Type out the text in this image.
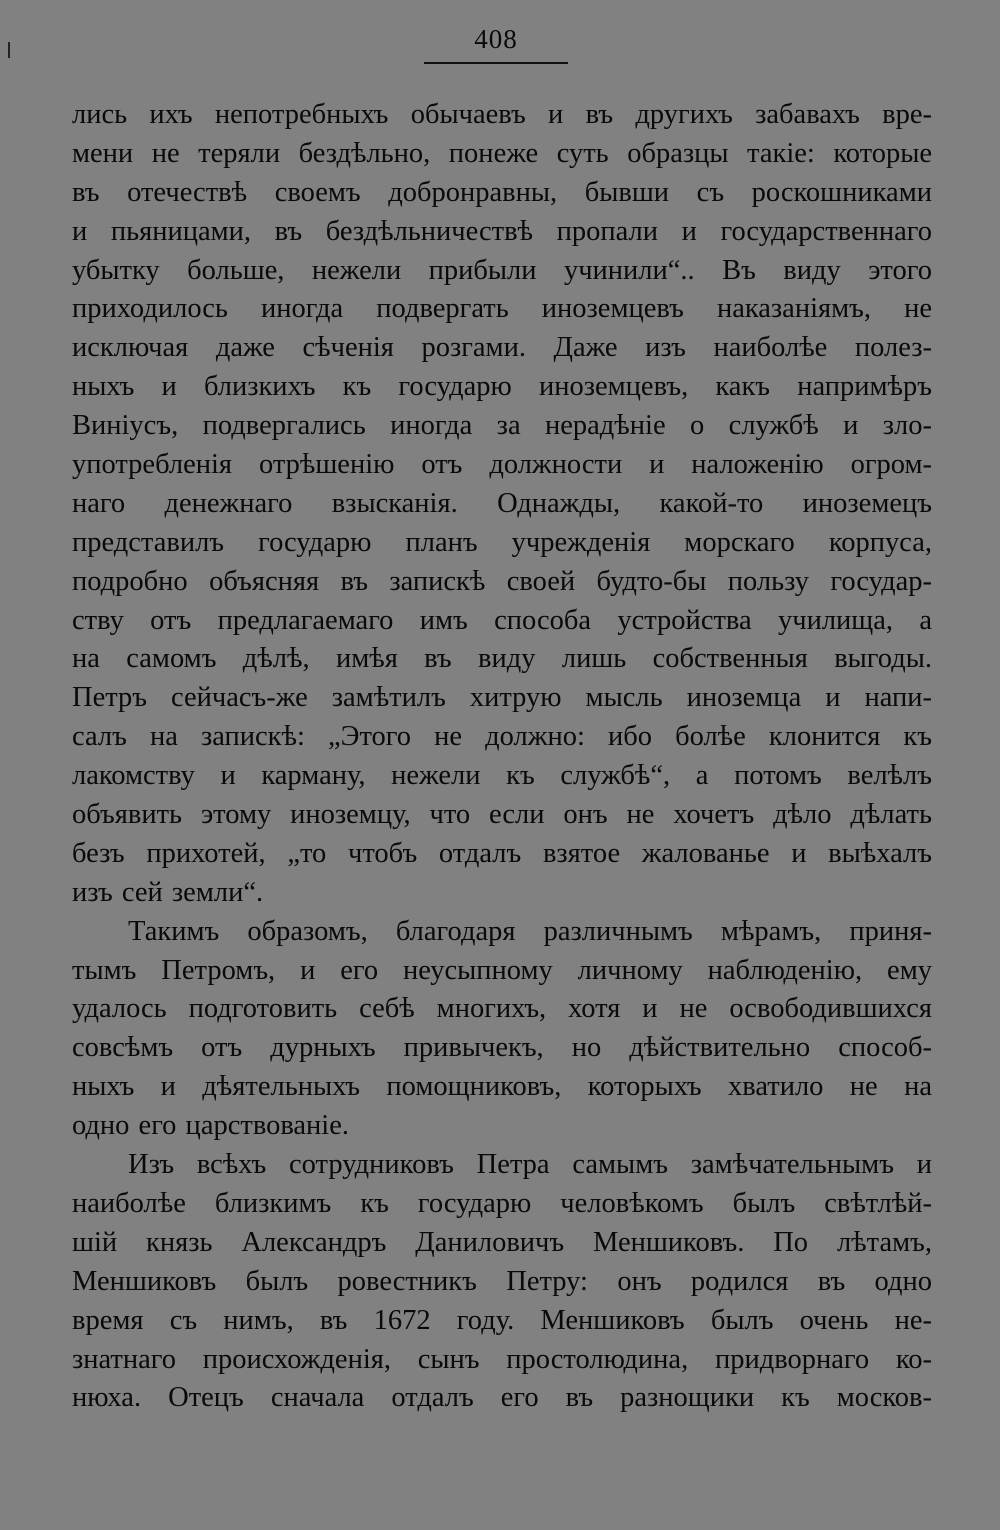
408
лись ихъ непотребныхъ обычаевъ и въ другихъ забавахъ вре-
мени не теряли бездѣльно, понеже суть образцы такіе: которые
въ отечествѣ своемъ добронравны, бывши съ роскошниками
и пьяницами, въ бездѣльничествѣ пропали и государственнаго
убытку больше, нежели прибыли учинили“.. Въ виду этого
приходилось иногда подвергать иноземцевъ наказаніямъ, не
исключая даже сѣченія розгами. Даже изъ наиболѣе полез-
ныхъ и близкихъ къ государю иноземцевъ, какъ напримѣръ
Виніусъ, подвергались иногда за нерадѣніе о службѣ и зло-
употребленія отрѣшенію отъ должности и наложенію огром-
наго денежнаго взысканія. Однажды, какой-то иноземецъ
представилъ государю планъ учрежденія морскаго корпуса,
подробно объясняя въ запискѣ своей будто-бы пользу государ-
ству отъ предлагаемаго имъ способа устройства училища, а
на самомъ дѣлѣ, имѣя въ виду лишь собственныя выгоды.
Петръ сейчасъ-же замѣтилъ хитрую мысль иноземца и напи-
салъ на запискѣ: „Этого не должно: ибо болѣе клонится къ
лакомству и карману, нежели къ службѣ“, а потомъ велѣлъ
объявить этому иноземцу, что если онъ не хочетъ дѣло дѣлать
безъ прихотей, „то чтобъ отдалъ взятое жалованье и выѣхалъ
изъ сей земли“.
Такимъ образомъ, благодаря различнымъ мѣрамъ, приня-
тымъ Петромъ, и его неусыпному личному наблюденію, ему
удалось подготовить себѣ многихъ, хотя и не освободившихся
совсѣмъ отъ дурныхъ привычекъ, но дѣйствительно способ-
ныхъ и дѣятельныхъ помощниковъ, которыхъ хватило не на
одно его царствованіе.
Изъ всѣхъ сотрудниковъ Петра самымъ замѣчательнымъ и
наиболѣе близкимъ къ государю человѣкомъ былъ свѣтлѣй-
шій князь Александръ Даниловичъ Меншиковъ. По лѣтамъ,
Меншиковъ былъ ровестникъ Петру: онъ родился въ одно
время съ нимъ, въ 1672 году. Меншиковъ былъ очень не-
знатнаго происхожденія, сынъ простолюдина, придворнаго ко-
нюха. Отецъ сначала отдалъ его въ разнощики къ москов-
